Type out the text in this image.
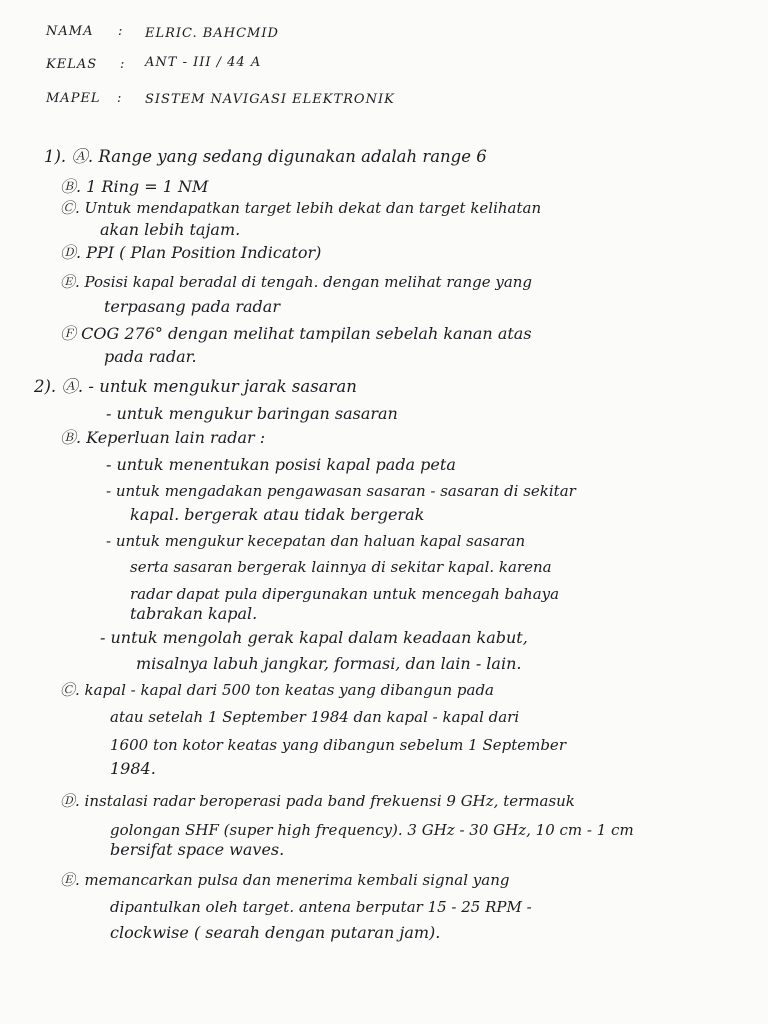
NAMA : ELRIC. BAHCMID
KELAS : ANT - III / 44 A
MAPEL : SISTEM NAVIGASI ELEKTRONIK
1). Ⓐ. Range yang sedang digunakan adalah range 6
Ⓑ. 1 Ring = 1 NM
Ⓒ. Untuk mendapatkan target lebih dekat dan target kelihatan
akan lebih tajam.
Ⓓ. PPI ( Plan Position Indicator)
Ⓔ. Posisi kapal beradal di tengah. dengan melihat range yang
terpasang pada radar
Ⓕ COG 276° dengan melihat tampilan sebelah kanan atas
pada radar.
2). Ⓐ. - untuk mengukur jarak sasaran
- untuk mengukur baringan sasaran
Ⓑ. Keperluan lain radar :
- untuk menentukan posisi kapal pada peta
- untuk mengadakan pengawasan sasaran - sasaran di sekitar
kapal. bergerak atau tidak bergerak
- untuk mengukur kecepatan dan haluan kapal sasaran
serta sasaran bergerak lainnya di sekitar kapal. karena
radar dapat pula dipergunakan untuk mencegah bahaya
tabrakan kapal.
- untuk mengolah gerak kapal dalam keadaan kabut,
misalnya labuh jangkar, formasi, dan lain - lain.
Ⓒ. kapal - kapal dari 500 ton keatas yang dibangun pada
atau setelah 1 September 1984 dan kapal - kapal dari
1600 ton kotor keatas yang dibangun sebelum 1 September
1984.
Ⓓ. instalasi radar beroperasi pada band frekuensi 9 GHz, termasuk
golongan SHF (super high frequency). 3 GHz - 30 GHz, 10 cm - 1 cm
bersifat space waves.
Ⓔ. memancarkan pulsa dan menerima kembali signal yang
dipantulkan oleh target. antena berputar 15 - 25 RPM -
clockwise ( searah dengan putaran jam).
